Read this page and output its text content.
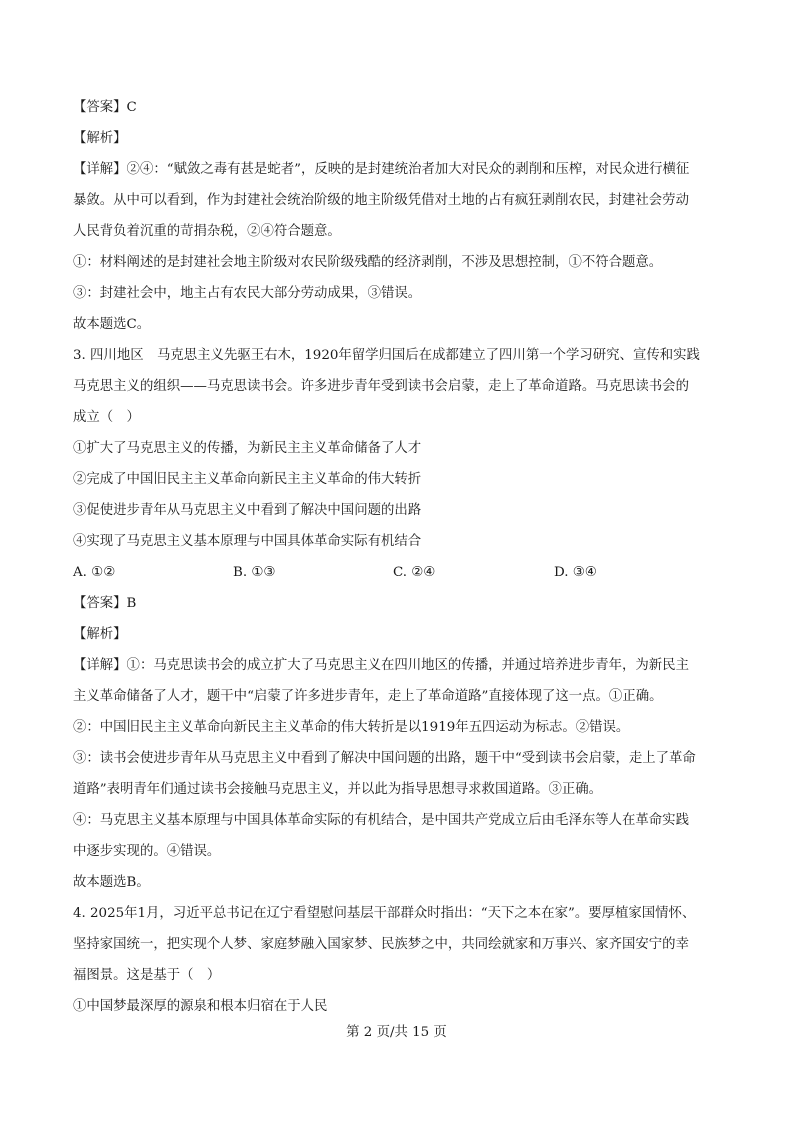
【答案】C
【解析】
【详解】②④：“赋敛之毒有甚是蛇者”，反映的是封建统治者加大对民众的剥削和压榨，对民众进行横征
暴敛。从中可以看到，作为封建社会统治阶级的地主阶级凭借对土地的占有疯狂剥削农民，封建社会劳动
人民背负着沉重的苛捐杂税，②④符合题意。
①：材料阐述的是封建社会地主阶级对农民阶级残酷的经济剥削，不涉及思想控制，①不符合题意。
③：封建社会中，地主占有农民大部分劳动成果，③错误。
故本题选C。
3. 四川地区　马克思主义先驱王右木，1920年留学归国后在成都建立了四川第一个学习研究、宣传和实践
马克思主义的组织——马克思读书会。许多进步青年受到读书会启蒙，走上了革命道路。马克思读书会的
成立（　）
①扩大了马克思主义的传播，为新民主主义革命储备了人才
②完成了中国旧民主主义革命向新民主主义革命的伟大转折
③促使进步青年从马克思主义中看到了解决中国问题的出路
④实现了马克思主义基本原理与中国具体革命实际有机结合
A. ①②	B. ①③	C. ②④	D. ③④
【答案】B
【解析】
【详解】①：马克思读书会的成立扩大了马克思主义在四川地区的传播，并通过培养进步青年，为新民主
主义革命储备了人才，题干中“启蒙了许多进步青年，走上了革命道路”直接体现了这一点。①正确。
②：中国旧民主主义革命向新民主主义革命的伟大转折是以1919年五四运动为标志。②错误。
③：读书会使进步青年从马克思主义中看到了解决中国问题的出路，题干中“受到读书会启蒙，走上了革命
道路”表明青年们通过读书会接触马克思主义，并以此为指导思想寻求救国道路。③正确。
④：马克思主义基本原理与中国具体革命实际的有机结合，是中国共产党成立后由毛泽东等人在革命实践
中逐步实现的。④错误。
故本题选B。
4. 2025年1月，习近平总书记在辽宁看望慰问基层干部群众时指出：“天下之本在家”。要厚植家国情怀、
坚持家国统一，把实现个人梦、家庭梦融入国家梦、民族梦之中，共同绘就家和万事兴、家齐国安宁的幸
福图景。这是基于（　）
①中国梦最深厚的源泉和根本归宿在于人民
第 2 页/共 15 页
